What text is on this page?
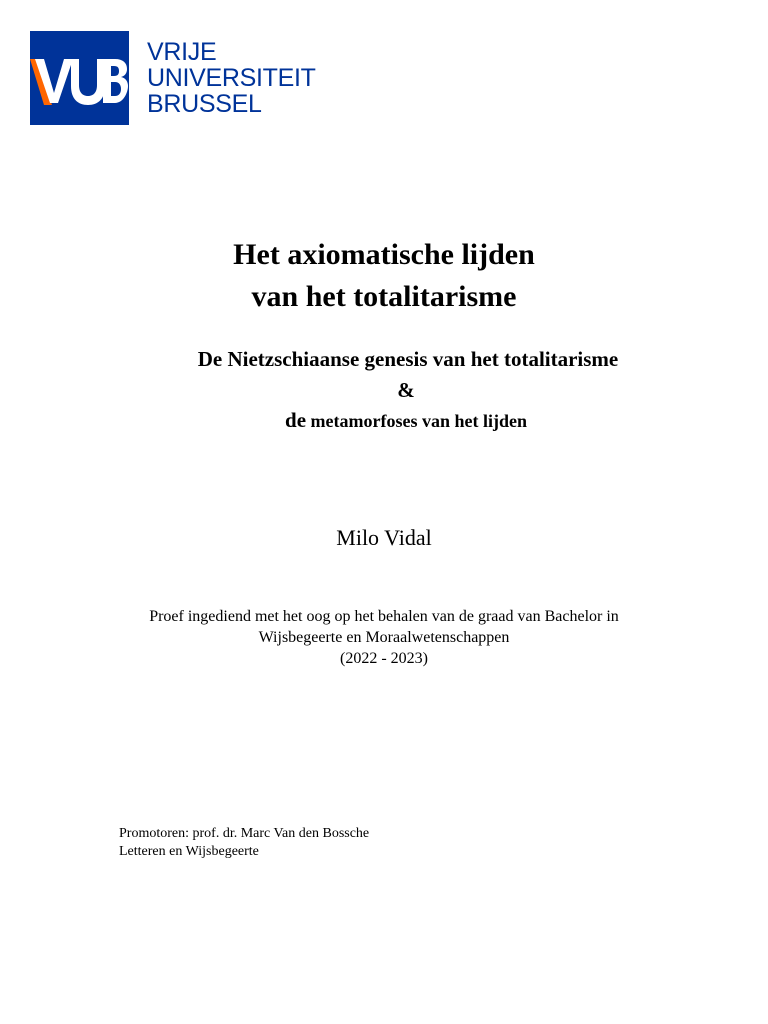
VRIJE
UNIVERSITEIT
BRUSSEL
Het axiomatische lijden
van het totalitarisme
De Nietzschiaanse genesis van het totalitarisme
&
de metamorfoses van het lijden
Milo Vidal
Proef ingediend met het oog op het behalen van de graad van Bachelor in
Wijsbegeerte en Moraalwetenschappen
(2022 - 2023)
Promotoren: prof. dr. Marc Van den Bossche
Letteren en Wijsbegeerte
